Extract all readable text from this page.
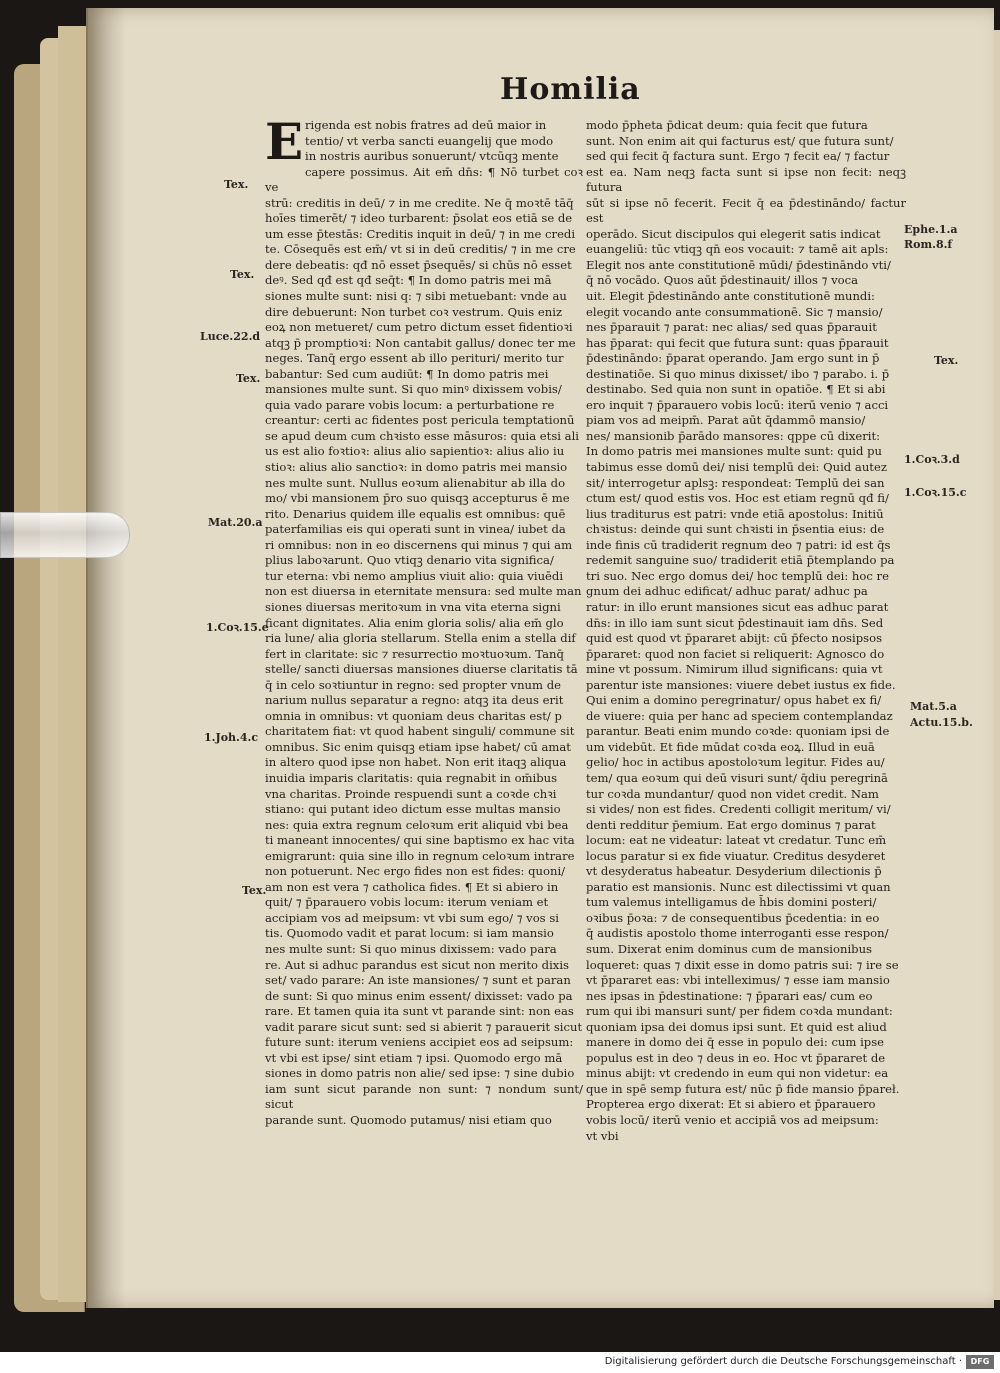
Homilia
E rigenda est nobis fratres ad deū maior in

tentio/ vt verba sancti euangelij que modo

in nostris auribus sonuerunt/ vtcūqꝫ mente

capere possimus. Ait em̄ dn̄s: ¶ Nō turbet coꝛ ve

strū: creditis in deū/ ⁊ in me credite. Ne q̄ moꝛtē tāq̄

hoīes timerēt/ ⁊ ideo turbarent: p̄solat eos etiā se de

um esse p̄testās: Creditis inquit in deū/ ⁊ in me credi

te. Cōsequēs est em̄/ vt si in deū creditis/ ⁊ in me cre

dere debeatis: qđ nō esset p̄sequēs/ si chūs nō esset

deꝰ. Sed qđ est qđ seq̄t: ¶ In domo patris mei mā

siones multe sunt: nisi q: ⁊ sibi metuebant: vnde au

dire debuerunt: Non turbet coꝛ vestrum. Quis eniz

eoꝝ non metueret/ cum petro dictum esset fidentioꝛi

atqꝫ p̄ promptioꝛi: Non cantabit gallus/ donec ter me

neges. Tanq̄ ergo essent ab illo perituri/ merito tur

babantur: Sed cum audiūt: ¶ In domo patris mei

mansiones multe sunt. Si quo minꝰ dixissem vobis/

quia vado parare vobis locum: a perturbatione re

creantur: certi ac fidentes post pericula temptationū

se apud deum cum chꝛisto esse māsuros: quia etsi ali

us est alio foꝛtioꝛ: alius alio sapientioꝛ: alius alio iu

stioꝛ: alius alio sanctioꝛ: in domo patris mei mansio

nes multe sunt. Nullus eoꝛum alienabitur ab illa do

mo/ vbi mansionem p̄ro suo quisqꝫ accepturus ē me

rito. Denarius quidem ille equalis est omnibus: quē

paterfamilias eis qui operati sunt in vinea/ iubet da

ri omnibus: non in eo discernens qui minus ⁊ qui am

plius laboꝛarunt. Quo vtiqꝫ denario vita significa/

tur eterna: vbi nemo amplius viuit alio: quia viuēdi

non est diuersa in eternitate mensura: sed multe man

siones diuersas meritoꝛum in vna vita eterna signi

ficant dignitates. Alia enim gloria solis/ alia em̄ glo

ria lune/ alia gloria stellarum. Stella enim a stella dif

fert in claritate: sic ⁊ resurrectio moꝛtuoꝛum. Tanq̄

stelle/ sancti diuersas mansiones diuerse claritatis tā

q̄ in celo soꝛtiuntur in regno: sed propter vnum de

narium nullus separatur a regno: atqꝫ ita deus erit

omnia in omnibus: vt quoniam deus charitas est/ p

charitatem fiat: vt quod habent singuli/ commune sit

omnibus. Sic enim quisqꝫ etiam ipse habet/ cū amat

in altero quod ipse non habet. Non erit itaqꝫ aliqua

inuidia imparis claritatis: quia regnabit in om̄ibus

vna charitas. Proinde respuendi sunt a coꝛde chꝛi

stiano: qui putant ideo dictum esse multas mansio

nes: quia extra regnum celoꝛum erit aliquid vbi bea

ti maneant innocentes/ qui sine baptismo ex hac vita

emigrarunt: quia sine illo in regnum celoꝛum intrare

non potuerunt. Nec ergo fides non est fides: quoni/

am non est vera ⁊ catholica fides. ¶ Et si abiero in

quit/ ⁊ p̄parauero vobis locum: iterum veniam et

accipiam vos ad meipsum: vt vbi sum ego/ ⁊ vos si

tis. Quomodo vadit et parat locum: si iam mansio

nes multe sunt: Si quo minus dixissem: vado para

re. Aut si adhuc parandus est sicut non merito dixis

set/ vado parare: An iste mansiones/ ⁊ sunt et paran

de sunt: Si quo minus enim essent/ dixisset: vado pa

rare. Et tamen quia ita sunt vt parande sint: non eas

vadit parare sicut sunt: sed si abierit ⁊ parauerit sicut

future sunt: iterum veniens accipiet eos ad seipsum:

vt vbi est ipse/ sint etiam ⁊ ipsi. Quomodo ergo mā

siones in domo patris non alie/ sed ipse: ⁊ sine dubio

iam sunt sicut parande non sunt: ⁊ nondum sunt/ sicut

parande sunt. Quomodo putamus/ nisi etiam quo

modo p̄pheta p̄dicat deum: quia fecit que futura

sunt. Non enim ait qui facturus est/ que futura sunt/

sed qui fecit q̄ factura sunt. Ergo ⁊ fecit ea/ ⁊ factur

est ea. Nam neqꝫ facta sunt si ipse non fecit: neqꝫ futura

sūt si ipse nō fecerit. Fecit q̄ ea p̄destināndo/ factur est

operādo. Sicut discipulos qui elegerit satis indicat

euangeliū: tūc vtiqꝫ qn̄ eos vocauit: ⁊ tamē ait apls:

Elegit nos ante constitutionē mūdi/ p̄destināndo vti/

q̄ nō vocādo. Quos aūt p̄destinauit/ illos ⁊ voca

uit. Elegit p̄destināndo ante constitutionē mundi:

elegit vocando ante consummationē. Sic ⁊ mansio/

nes p̄parauit ⁊ parat: nec alias/ sed quas p̄parauit

has p̄parat: qui fecit que futura sunt: quas p̄parauit

p̄destināndo: p̄parat operando. Jam ergo sunt in p̄

destinatiōe. Si quo minus dixisset/ ibo ⁊ parabo. i. p̄

destinabo. Sed quia non sunt in opatiōe. ¶ Et si abi

ero inquit ⁊ p̄parauero vobis locū: iterū venio ⁊ acci

piam vos ad meipm̄. Parat aūt q̄dammō mansio/

nes/ mansionib p̄arādo mansores: qppe cū dixerit:

In domo patris mei mansiones multe sunt: quid pu

tabimus esse domū dei/ nisi templū dei: Quid autez

sit/ interrogetur aplsꝫ: respondeat: Templū dei san

ctum est/ quod estis vos. Hoc est etiam regnū qđ fi/

lius traditurus est patri: vnde etiā apostolus: Initiū

chꝛistus: deinde qui sunt chꝛisti in p̄sentia eius: de

inde finis cū tradiderit regnum deo ⁊ patri: id est q̄s

redemit sanguine suo/ tradiderit etiā p̄templando pa

tri suo. Nec ergo domus dei/ hoc templū dei: hoc re

gnum dei adhuc edificat/ adhuc parat/ adhuc pa

ratur: in illo erunt mansiones sicut eas adhuc parat

dn̄s: in illo iam sunt sicut p̄destinauit iam dn̄s. Sed

quid est quod vt p̄pararet abijt: cū p̄fecto nosipsos

p̄pararet: quod non faciet si reliquerit: Agnosco do

mine vt possum. Nimirum illud significans: quia vt

parentur iste mansiones: viuere debet iustus ex fide.

Qui enim a domino peregrinatur/ opus habet ex fi/

de viuere: quia per hanc ad speciem contemplandaz

parantur. Beati enim mundo coꝛde: quoniam ipsi de

um videbūt. Et fide mūdat coꝛda eoꝝ. Illud in euā

gelio/ hoc in actibus apostoloꝛum legitur. Fides au/

tem/ qua eoꝛum qui deū visuri sunt/ q̄diu peregrinā

tur coꝛda mundantur/ quod non videt credit. Nam

si vides/ non est fides. Credenti colligit meritum/ vi/

denti redditur p̄emium. Eat ergo dominus ⁊ parat

locum: eat ne videatur: lateat vt credatur. Tunc em̄

locus paratur si ex fide viuatur. Creditus desyderet

vt desyderatus habeatur. Desyderium dilectionis p̄

paratio est mansionis. Nunc est dilectissimi vt quan

tum valemus intelligamus de h̄bis domini posteri/

oꝛibus p̄oꝛa: ⁊ de consequentibus p̄cedentia: in eo

q̄ audistis apostolo thome interroganti esse respon/

sum. Dixerat enim dominus cum de mansionibus

loqueret: quas ⁊ dixit esse in domo patris sui: ⁊ ire se

vt p̄pararet eas: vbi intelleximus/ ⁊ esse iam mansio

nes ipsas in p̄destinatione: ⁊ p̄parari eas/ cum eo

rum qui ibi mansuri sunt/ per fidem coꝛda mundant:

quoniam ipsa dei domus ipsi sunt. Et quid est aliud

manere in domo dei q̄ esse in populo dei: cum ipse

populus est in deo ⁊ deus in eo. Hoc vt p̄pararet de

minus abijt: vt credendo in eum qui non videtur: ea

que in spē semp futura est/ nūc p̄ fide mansio p̄pareł.

Propterea ergo dixerat: Et si abiero et p̄parauero

vobis locū/ iterū venio et accipiā vos ad meipsum:

vt vbi

Tex.
Tex.
Luce.22.d
Tex.
Mat.20.a
1.Coꝛ.15.e
1.Joh.4.c
Tex.
Ephe.1.a
Rom.8.f
Tex.
1.Coꝛ.3.d
1.Coꝛ.15.c
Mat.5.a
Actu.15.b.
Digitalisierung gefördert durch die Deutsche Forschungsgemeinschaft ·	DFG
